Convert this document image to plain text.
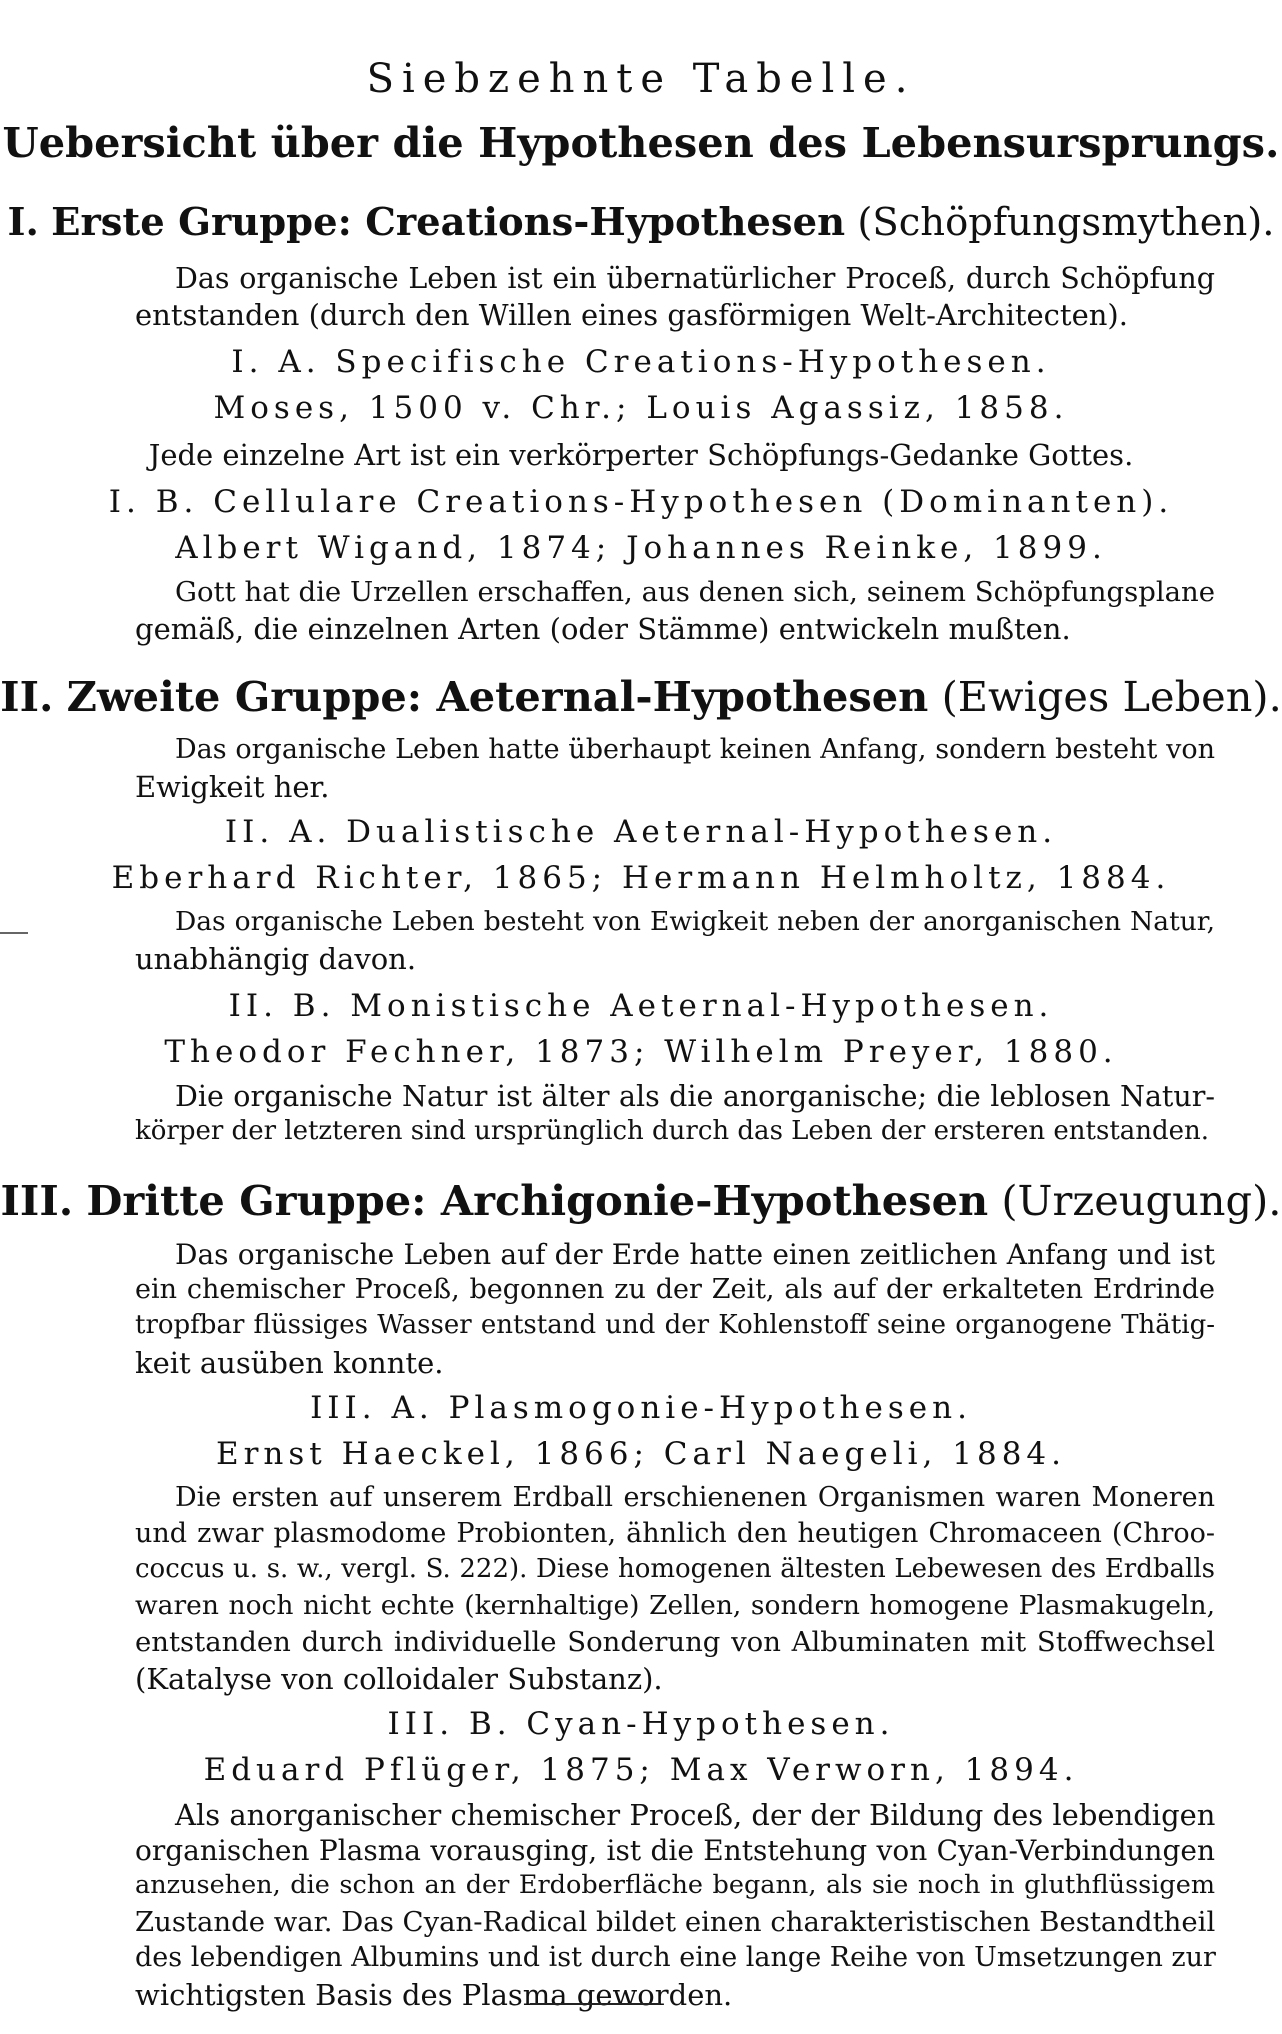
Siebzehnte Tabelle.
Uebersicht über die Hypothesen des Lebensursprungs.
I. Erste Gruppe: Creations-Hypothesen (Schöpfungsmythen).
Das organische Leben ist ein übernatürlicher Proceß, durch Schöpfung
entstanden (durch den Willen eines gasförmigen Welt-Architecten).
I. A. Specifische Creations-Hypothesen.
Moses, 1500 v. Chr.; Louis Agassiz, 1858.
Jede einzelne Art ist ein verkörperter Schöpfungs-Gedanke Gottes.
I. B. Cellulare Creations-Hypothesen (Dominanten).
Albert Wigand, 1874; Johannes Reinke, 1899.
Gott hat die Urzellen erschaffen, aus denen sich, seinem Schöpfungsplane
gemäß, die einzelnen Arten (oder Stämme) entwickeln mußten.
II. Zweite Gruppe: Aeternal-Hypothesen (Ewiges Leben).
Das organische Leben hatte überhaupt keinen Anfang, sondern besteht von
Ewigkeit her.
II. A. Dualistische Aeternal-Hypothesen.
Eberhard Richter, 1865; Hermann Helmholtz, 1884.
Das organische Leben besteht von Ewigkeit neben der anorganischen Natur,
unabhängig davon.
II. B. Monistische Aeternal-Hypothesen.
Theodor Fechner, 1873; Wilhelm Preyer, 1880.
Die organische Natur ist älter als die anorganische; die leblosen Natur-
körper der letzteren sind ursprünglich durch das Leben der ersteren entstanden.
III. Dritte Gruppe: Archigonie-Hypothesen (Urzeugung).
Das organische Leben auf der Erde hatte einen zeitlichen Anfang und ist
ein chemischer Proceß, begonnen zu der Zeit, als auf der erkalteten Erdrinde
tropfbar flüssiges Wasser entstand und der Kohlenstoff seine organogene Thätig-
keit ausüben konnte.
III. A. Plasmogonie-Hypothesen.
Ernst Haeckel, 1866; Carl Naegeli, 1884.
Die ersten auf unserem Erdball erschienenen Organismen waren Moneren
und zwar plasmodome Probionten, ähnlich den heutigen Chromaceen (Chroo-
coccus u. s. w., vergl. S. 222). Diese homogenen ältesten Lebewesen des Erdballs
waren noch nicht echte (kernhaltige) Zellen, sondern homogene Plasmakugeln,
entstanden durch individuelle Sonderung von Albuminaten mit Stoffwechsel
(Katalyse von colloidaler Substanz).
III. B. Cyan-Hypothesen.
Eduard Pflüger, 1875; Max Verworn, 1894.
Als anorganischer chemischer Proceß, der der Bildung des lebendigen
organischen Plasma vorausging, ist die Entstehung von Cyan-Verbindungen
anzusehen, die schon an der Erdoberfläche begann, als sie noch in gluthflüssigem
Zustande war. Das Cyan-Radical bildet einen charakteristischen Bestandtheil
des lebendigen Albumins und ist durch eine lange Reihe von Umsetzungen zur
wichtigsten Basis des Plasma geworden.
